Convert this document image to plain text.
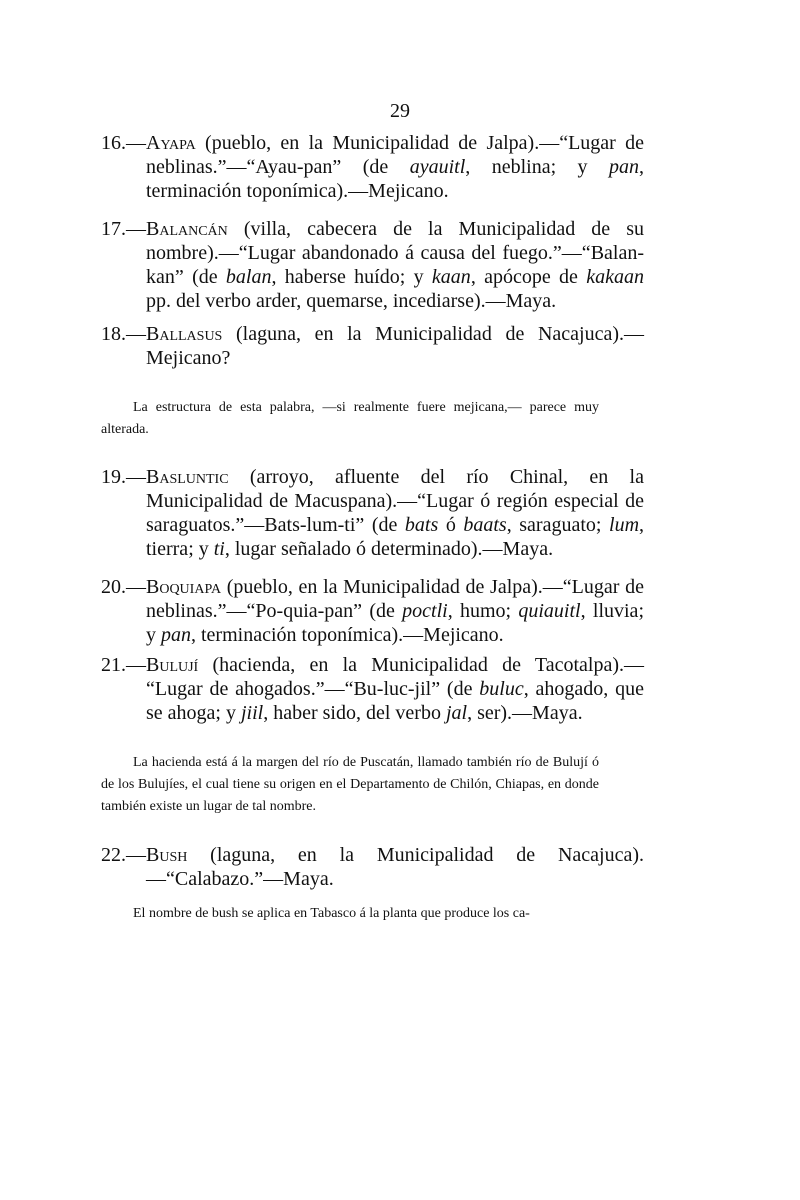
29
16.—Ayapa (pueblo, en la Municipalidad de Jalpa).—“Lugar de neblinas.”—“Ayau-pan” (de ayauitl, neblina; y pan, terminación toponímica).—Mejicano.
17.—Balancán (villa, cabecera de la Municipalidad de su nombre).—“Lugar abandonado á causa del fuego.”—“Balan-kan” (de balan, haberse huído; y kaan, apócope de kakaan pp. del verbo arder, quemarse, incediarse).—Maya.
18.—Ballasus (laguna, en la Municipalidad de Nacajuca).— Mejicano?

La estructura de esta palabra, —si realmente fuere mejicana,— parece muy alterada.

19.—Basluntic (arroyo, afluente del río Chinal, en la Municipalidad de Macuspana).—“Lugar ó región especial de saraguatos.”—Bats-lum-ti” (de bats ó baats, saraguato; lum, tierra; y ti, lugar señalado ó determinado).—Maya.
20.—Boquiapa (pueblo, en la Municipalidad de Jalpa).—“Lugar de neblinas.”—“Po-quia-pan” (de poctli, humo; quiauitl, lluvia; y pan, terminación toponímica).—Mejicano.
21.—Bulují (hacienda, en la Municipalidad de Tacotalpa).— “Lugar de ahogados.”—“Bu-luc-jil” (de buluc, ahogado, que se ahoga; y jiil, haber sido, del verbo jal, ser).—Maya.

La hacienda está á la margen del río de Puscatán, llamado también río de Bulují ó de los Bulujíes, el cual tiene su origen en el Departamento de Chilón, Chiapas, en donde también existe un lugar de tal nombre.

22.—Bush (laguna, en la Municipalidad de Nacajuca).—“Calabazo.”—Maya.

El nombre de bush se aplica en Tabasco á la planta que produce los ca-
